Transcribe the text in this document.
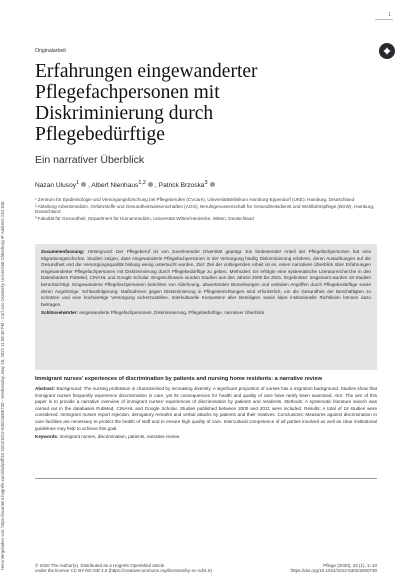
Heruntergeladen von: https://econtent.hogrefe.com/doi/pdf/10.1024/1012-5302/a000730 - Wednesday, May 18, 2022 11:08:40 PM - Carl von Ossietzky Universität Oldenburg IP Address:134.106.
1
Originalarbeit
Erfahrungen eingewanderter Pflegefachpersonen mit Diskriminierung durch Pflegebedürftige
Ein narrativer Überblick
Nazan Ulusoy$^1$ , Albert Nienhaus$^{1,2}$ , Patrick Brzoska$^3$

¹ Zentrum für Epidemiologie und Versorgungsforschung bei Pflegeberufen (CVcare), Universitätsklinikum Hamburg-Eppendorf (UKE), Hamburg, Deutschland

² Abteilung Arbeitsmedizin, Gefahrstoffe und Gesundheitswissenschaften (AGG), Berufsgenossenschaft für Gesundheitsdienst und Wohlfahrtspflege (BGW), Hamburg, Deutschland

³ Fakultät für Gesundheit, Department für Humanmedizin, Universität Witten/Herdecke, Witten, Deutschland

Zusammenfassung: Hintergrund: Der Pflegeberuf ist von zunehmender Diversität geprägt. Ein bedeutender Anteil der Pflegefachpersonen hat eine Migrationsgeschichte. Studien zeigen, dass eingewanderte Pflegefachpersonen in der Versorgung häufig Diskriminierung erfahren, deren Auswirkungen auf die Gesundheit und die Versorgungsqualität bislang wenig untersucht wurden. Ziel: Ziel der vorliegenden Arbeit ist es, einen narrativen Überblick über Erfahrungen eingewanderter Pflegefachpersonen mit Diskriminierung durch Pflegebedürftige zu geben. Methoden: Es erfolgte eine systematische Literaturrecherche in den Datenbanken PubMed, CINAHL und Google Scholar. Eingeschlossen wurden Studien aus den Jahren 2000 bis 2021. Ergebnisse: Insgesamt wurden 18 Studien berücksichtigt. Eingewanderte Pflegefachpersonen berichten von Ablehnung, abwertenden Bemerkungen und verbalen Angriffen durch Pflegebedürftige sowie deren Angehörige. Schlussfolgerung: Maßnahmen gegen Diskriminierung in Pflegeeinrichtungen sind erforderlich, um die Gesundheit der Beschäftigten zu schützen und eine hochwertige Versorgung sicherzustellen. Interkulturelle Kompetenz aller Beteiligten sowie klare institutionelle Richtlinien können dazu beitragen.

Schlüsselwörter: eingewanderte Pflegefachpersonen, Diskriminierung, Pflegebedürftige, narrativer Überblick

Immigrant nurses’ experiences of discrimination by patients and nursing home residents: a narrative review

Abstract: Background: The nursing profession is characterised by increasing diversity. A significant proportion of nurses has a migration background. Studies show that immigrant nurses frequently experience discrimination in care, yet its consequences for health and quality of care have rarely been examined. Aim: The aim of this paper is to provide a narrative overview of immigrant nurses’ experiences of discrimination by patients and residents. Methods: A systematic literature search was carried out in the databases PubMed, CINAHL and Google Scholar. Studies published between 2000 and 2021 were included. Results: A total of 18 studies were considered. Immigrant nurses report rejection, derogatory remarks and verbal attacks by patients and their relatives. Conclusions: Measures against discrimination in care facilities are necessary to protect the health of staff and to ensure high quality of care. Intercultural competence of all parties involved as well as clear institutional guidelines may help to achieve this goal.

Keywords: immigrant nurses, discrimination, patients, narrative review

© 2020 The Author(s). Distributed as a Hogrefe OpenMind article
under the license CC BY-NC-ND 4.0 (https://creativecommons.org/licenses/by-nc-nd/4.0)
Pflege (2020), 33 (1), 1–10
https://doi.org/10.1024/1012-5302/a000730
